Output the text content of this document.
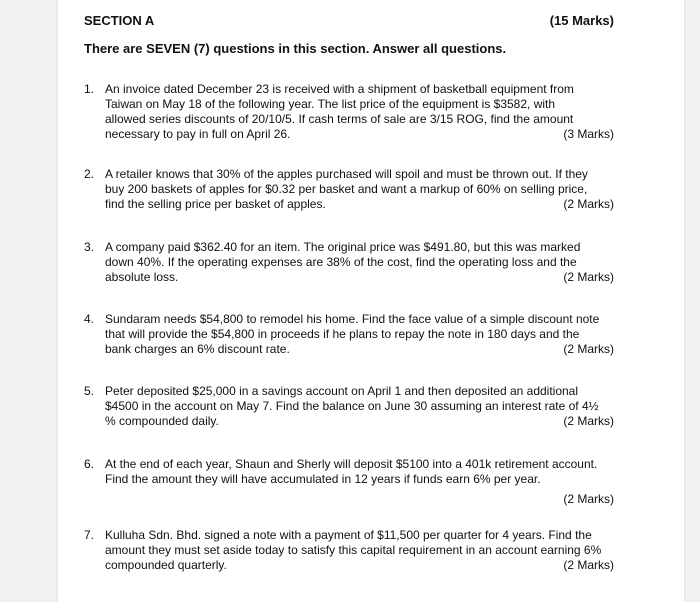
SECTION A	(15 Marks)
There are SEVEN (7) questions in this section. Answer all questions.
1. An invoice dated December 23 is received with a shipment of basketball equipment from
Taiwan on May 18 of the following year. The list price of the equipment is $3582, with
allowed series discounts of 20/10/5. If cash terms of sale are 3/15 ROG, find the amount
necessary to pay in full on April 26.	(3 Marks)
2. A retailer knows that 30% of the apples purchased will spoil and must be thrown out. If they
buy 200 baskets of apples for $0.32 per basket and want a markup of 60% on selling price,
find the selling price per basket of apples.	(2 Marks)
3. A company paid $362.40 for an item. The original price was $491.80, but this was marked
down 40%. If the operating expenses are 38% of the cost, find the operating loss and the
absolute loss.	(2 Marks)
4. Sundaram needs $54,800 to remodel his home. Find the face value of a simple discount note
that will provide the $54,800 in proceeds if he plans to repay the note in 180 days and the
bank charges an 6% discount rate.	(2 Marks)
5. Peter deposited $25,000 in a savings account on April 1 and then deposited an additional
$4500 in the account on May 7. Find the balance on June 30 assuming an interest rate of 4½
% compounded daily.	(2 Marks)
6. At the end of each year, Shaun and Sherly will deposit $5100 into a 401k retirement account.
Find the amount they will have accumulated in 12 years if funds earn 6% per year.
(2 Marks)
7. Kulluha Sdn. Bhd. signed a note with a payment of $11,500 per quarter for 4 years. Find the
amount they must set aside today to satisfy this capital requirement in an account earning 6%
compounded quarterly.	(2 Marks)
